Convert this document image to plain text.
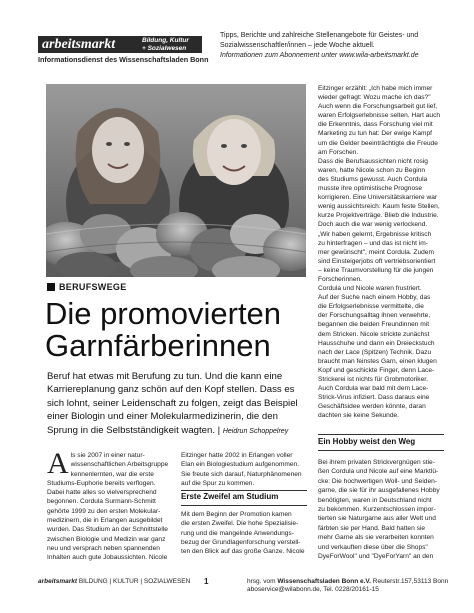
arbeitsmarkt	Bildung, Kultur
+ Sozialwesen
Informationsdienst des Wissenschaftsladen Bonn
Tipps, Berichte und zahlreiche Stellenangebote für Geistes- und
Sozialwissenschaftler/innen – jede Woche aktuell.
Informationen zum Abonnement unter www.wila-arbeitsmarkt.de
BERUFSWEGE
Die promovierten
Garnfärberinnen
Beruf hat etwas mit Berufung zu tun. Und die kann eine
Karriereplanung ganz schön auf den Kopf stellen. Dass es
sich lohnt, seiner Leidenschaft zu folgen, zeigt das Beispiel
einer Biologin und einer Molekularmedizinerin, die den
Sprung in die Selbstständigkeit wagten. | Heidrun Schoppelrey
A ls sie 2007 in einer natur-
wissenschaftlichen Arbeitsgruppe
kennenlernten, war die erste
Studiums-Euphorie bereits verflogen.
Dabei hatte alles so vielversprechend
begonnen. Cordula Surmann-Schmitt
gehörte 1999 zu den ersten Molekular-
medizinern, die in Erlangen ausgebildet
wurden. Das Studium an der Schnittstelle
zwischen Biologie und Medizin war ganz
neu und versprach neben spannenden
Inhalten auch gute Jobaussichten. Nicole
Eitzinger hatte 2002 in Erlangen voller
Elan ein Biologiestudium aufgenommen.
Sie freute sich darauf, Naturphänomenen
auf die Spur zu kommen.
Erste Zweifel am Studium
Mit dem Beginn der Promotion kamen
die ersten Zweifel. Die hohe Spezialisie-
rung und die mangelnde Anwendungs-
bezug der Grundlagenforschung verstell-
ten den Blick auf das große Ganze. Nicole
Eitzinger erzählt: „Ich habe mich immer
wieder gefragt: Wozu mache ich das?"
Auch wenn die Forschungsarbeit gut lief,
waren Erfolgserlebnisse selten. Hart auch
die Erkenntnis, dass Forschung viel mit
Marketing zu tun hat: Der ewige Kampf
um die Gelder beeinträchtigte die Freude
am Forschen.
Dass die Berufsaussichten nicht rosig
waren, hatte Nicole schon zu Beginn
des Studiums gewusst. Auch Cordula
musste ihre optimistische Prognose
korrigieren. Eine Universitätskarriere war
wenig aussichtsreich: Kaum feste Stellen,
kurze Projektverträge. Blieb die Industrie.
Doch auch die war wenig verlockend.
„Wir haben gelernt, Ergebnisse kritisch
zu hinterfragen – und das ist nicht im-
mer gewünscht", meint Cordula. Zudem
sind Einsteigerjobs oft vertriebsorientiert
– keine Traumvorstellung für die jungen
Forscherinnen.
Cordula und Nicole waren frustriert.
Auf der Suche nach einem Hobby, das
die Erfolgserlebnisse vermittelte, die
der Forschungsalltag ihnen verwehrte,
begannen die beiden Freundinnen mit
dem Stricken. Nicole strickte zunächst
Hausschuhe und dann ein Dreieckstuch
nach der Lace (Spitzen) Technik. Dazu
braucht man feinstes Garn, einen klugen
Kopf und geschickte Finger, denn Lace-
Strickerei ist nichts für Grobmotoriker.
Auch Cordula war bald mit dem Lace-
Strick-Virus infiziert. Dass daraus eine
Geschäftsidee werden könnte, daran
dachten sie keine Sekunde.
Ein Hobby weist den Weg
Bei ihrem privaten Strickvergnügen stie-
ßen Cordula und Nicole auf eine Marktlü-
cke: Die hochwertigen Woll- und Seiden-
garne, die sie für ihr ausgefallenes Hobby
benötigten, waren in Deutschland nicht
zu bekommen. Kurzentschlossen impor-
tierten sie Naturgarne aus aller Welt und
färbten sie per Hand. Bald hatten sie
mehr Garne als sie verarbeiten konnten
und verkauften diese über die Shops"
DyeForWool" und "DyeForYarn" an den
arbeitsmarkt BILDUNG | KULTUR | SOZIALWESEN 1	hrsg. vom Wissenschaftsladen Bonn e.V. Reuterstr.157,53113 Bonn
aboservice@wilabonn.de, Tel. 0228/20161-15
